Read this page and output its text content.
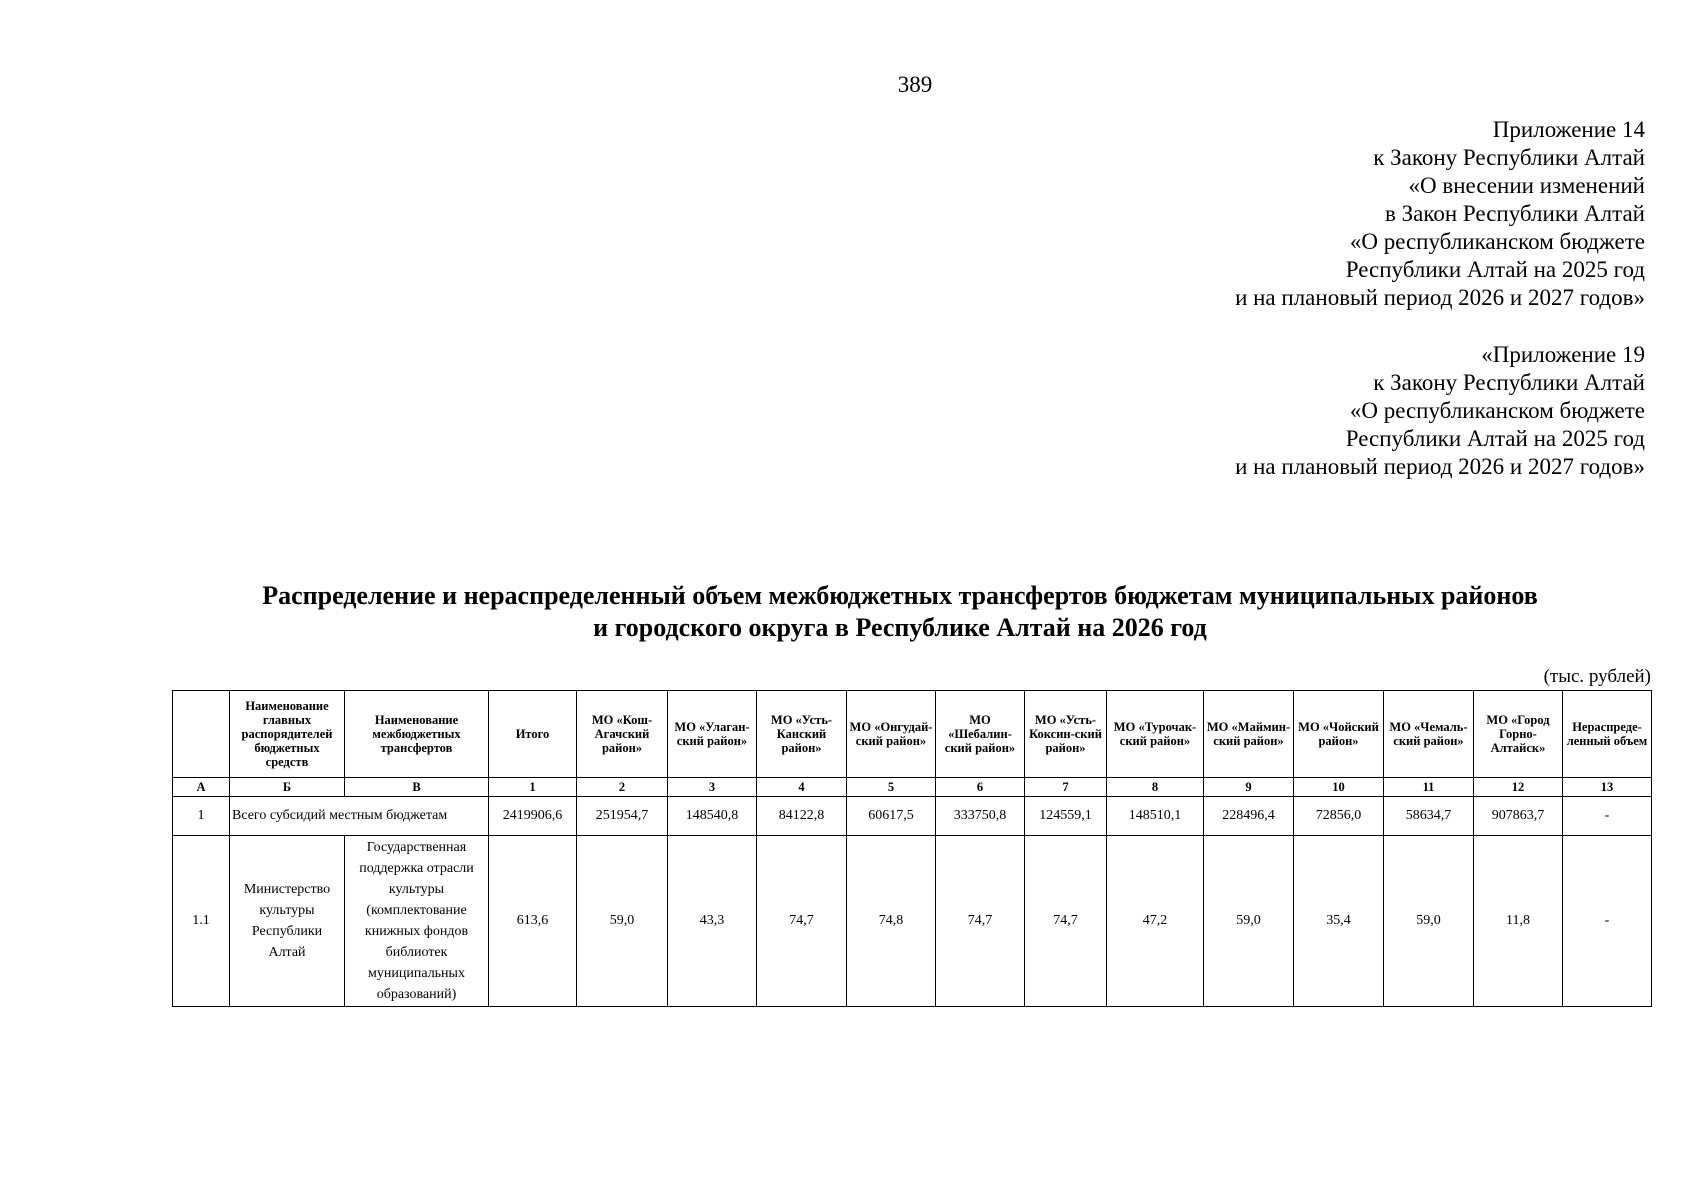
389
Приложение 14
к Закону Республики Алтай
«О внесении изменений
в Закон Республики Алтай
«О республиканском бюджете
Республики Алтай на 2025 год
и на плановый период 2026 и 2027 годов»
«Приложение 19
к Закону Республики Алтай
«О республиканском бюджете
Республики Алтай на 2025 год
и на плановый период 2026 и 2027 годов»
Распределение и нераспределенный объем межбюджетных трансфертов бюджетам муниципальных районов
и городского округа в Республике Алтай на 2026 год
(тыс. рублей)
	Наименование главных распорядителей бюджетных средств	Наименование межбюджетных трансфертов	Итого	МО «Кош-Агачский район»	МО «Улаган-ский район»	МО «Усть-Канский район»	МО «Онгудай-ский район»	МО «Шебалин-ский район»	МО «Усть-Коксин-ский район»	МО «Турочак-ский район»	МО «Маймин-ский район»	МО «Чойский район»	МО «Чемаль-ский район»	МО «Город Горно-Алтайск»	Нераспреде-ленный объем
А	Б	В	1	2	3	4	5	6	7	8	9	10	11	12	13
1	Всего субсидий местным бюджетам		2419906,6	251954,7	148540,8	84122,8	60617,5	333750,8	124559,1	148510,1	228496,4	72856,0	58634,7	907863,7	-
1.1	Министерство культуры Республики Алтай	Государственная поддержка отрасли культуры (комплектование книжных фондов библиотек муниципальных образований)	613,6	59,0	43,3	74,7	74,8	74,7	74,7	47,2	59,0	35,4	59,0	11,8	-
